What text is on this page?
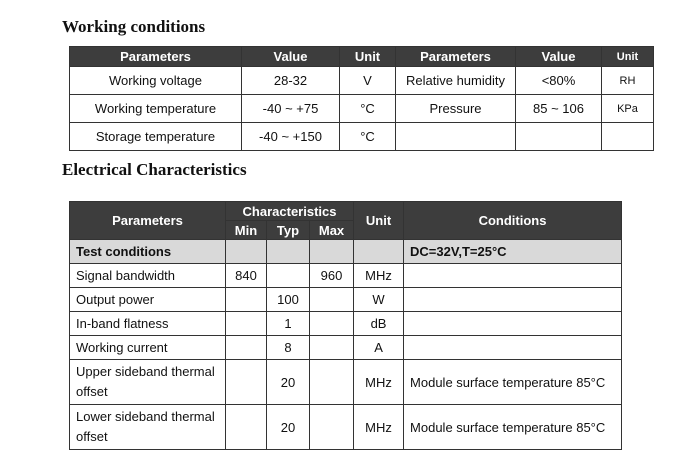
Working conditions
Parameters	Value	Unit	Parameters	Value	Unit
Working voltage	28-32	V	Relative humidity	<80%	RH
Working temperature	-40 ~ +75	°C	Pressure	85 ~ 106	KPa
Storage temperature	-40 ~ +150	°C			
Electrical Characteristics
Parameters	Characteristics			Unit	Conditions
	Min	Typ	Max		
Test conditions					DC=32V,T=25°C
Signal bandwidth	840		960	MHz	
Output power		100		W	
In-band flatness		1		dB	
Working current		8		A	
Upper sideband thermal offset		20		MHz	Module surface temperature 85°C
Lower sideband thermal offset		20		MHz	Module surface temperature 85°C
